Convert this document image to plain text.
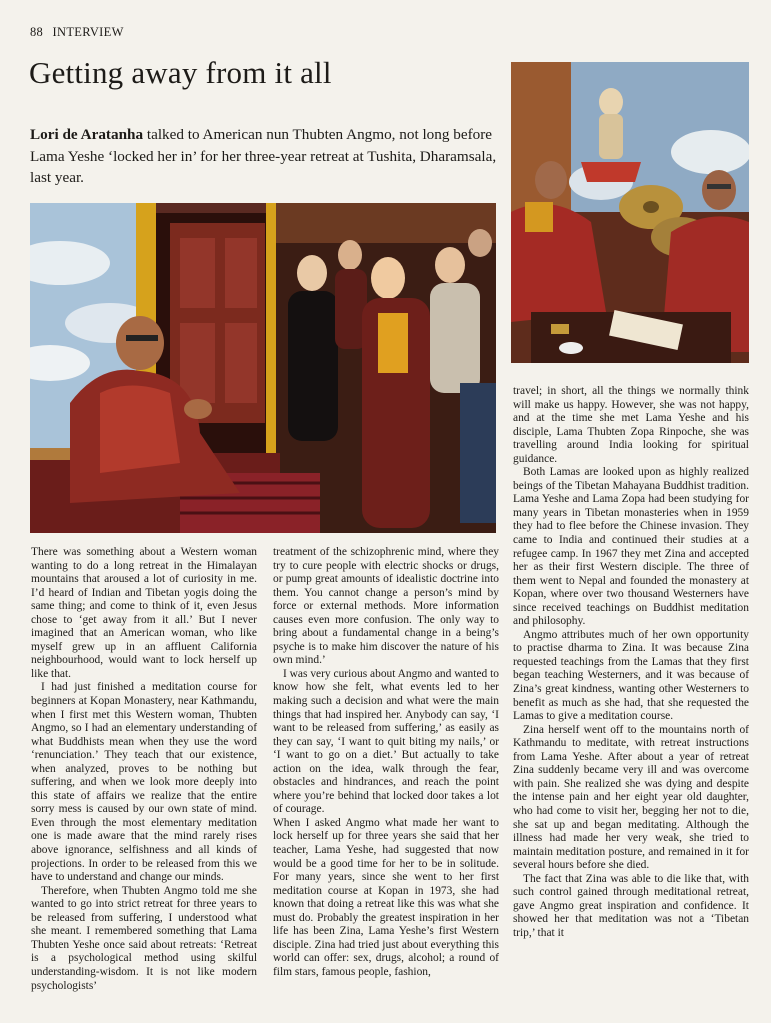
88 INTERVIEW
Getting away from it all

Lori de Aratanha talked to American nun Thubten Angmo, not long before Lama Yeshe ‘locked her in’ for her three-year retreat at Tushita, Dharamsala, last year.

There was something about a Western woman wanting to do a long retreat in the Himalayan mountains that aroused a lot of curiosity in me. I’d heard of Indian and Tibetan yogis doing the same thing; and come to think of it, even Jesus chose to ‘get away from it all.’ But I never imagined that an American woman, who like myself grew up in an affluent California neighbourhood, would want to lock herself up like that.

I had just finished a meditation course for beginners at Kopan Monastery, near Kathmandu, when I first met this Western woman, Thubten Angmo, so I had an elementary understanding of what Buddhists mean when they use the word ‘renunciation.’ They teach that our existence, when analyzed, proves to be nothing but suffering, and when we look more deeply into this state of affairs we realize that the entire sorry mess is caused by our own state of mind. Even through the most elementary meditation one is made aware that the mind rarely rises above ignorance, selfishness and all kinds of projections. In order to be released from this we have to understand and change our minds.

Therefore, when Thubten Angmo told me she wanted to go into strict retreat for three years to be released from suffering, I understood what she meant. I remembered something that Lama Thubten Yeshe once said about retreats: ‘Retreat is a psychological method using skilful understanding-wisdom. It is not like modern psychologists’

treatment of the schizophrenic mind, where they try to cure people with electric shocks or drugs, or pump great amounts of idealistic doctrine into them. You cannot change a person’s mind by force or external methods. More information causes even more confusion. The only way to bring about a fundamental change in a being’s psyche is to make him discover the nature of his own mind.’

I was very curious about Angmo and wanted to know how she felt, what events led to her making such a decision and what were the main things that had inspired her. Anybody can say, ‘I want to be released from suffering,’ as easily as they can say, ‘I want to quit biting my nails,’ or ‘I want to go on a diet.’ But actually to take action on the idea, walk through the fear, obstacles and hindrances, and reach the point where you’re behind that locked door takes a lot of courage.

When I asked Angmo what made her want to lock herself up for three years she said that her teacher, Lama Yeshe, had suggested that now would be a good time for her to be in solitude. For many years, since she went to her first meditation course at Kopan in 1973, she had known that doing a retreat like this was what she must do. Probably the greatest inspiration in her life has been Zina, Lama Yeshe’s first Western disciple. Zina had tried just about everything this world can offer: sex, drugs, alcohol; a round of film stars, famous people, fashion,

travel; in short, all the things we normally think will make us happy. However, she was not happy, and at the time she met Lama Yeshe and his disciple, Lama Thubten Zopa Rinpoche, she was travelling around India looking for spiritual guidance.

Both Lamas are looked upon as highly realized beings of the Tibetan Mahayana Buddhist tradition. Lama Yeshe and Lama Zopa had been studying for many years in Tibetan monasteries when in 1959 they had to flee before the Chinese invasion. They came to India and continued their studies at a refugee camp. In 1967 they met Zina and accepted her as their first Western disciple. The three of them went to Nepal and founded the monastery at Kopan, where over two thousand Westerners have since received teachings on Buddhist meditation and philosophy.

Angmo attributes much of her own opportunity to practise dharma to Zina. It was because Zina requested teachings from the Lamas that they first began teaching Westerners, and it was because of Zina’s great kindness, wanting other Westerners to benefit as much as she had, that she requested the Lamas to give a meditation course.

Zina herself went off to the mountains north of Kathmandu to meditate, with retreat instructions from Lama Yeshe. After about a year of retreat Zina suddenly became very ill and was overcome with pain. She realized she was dying and despite the intense pain and her eight year old daughter, who had come to visit her, begging her not to die, she sat up and began meditating. Although the illness had made her very weak, she tried to maintain meditation posture, and remained in it for several hours before she died.

The fact that Zina was able to die like that, with such control gained through meditational retreat, gave Angmo great inspiration and confidence. It showed her that meditation was not a ‘Tibetan trip,’ that it
